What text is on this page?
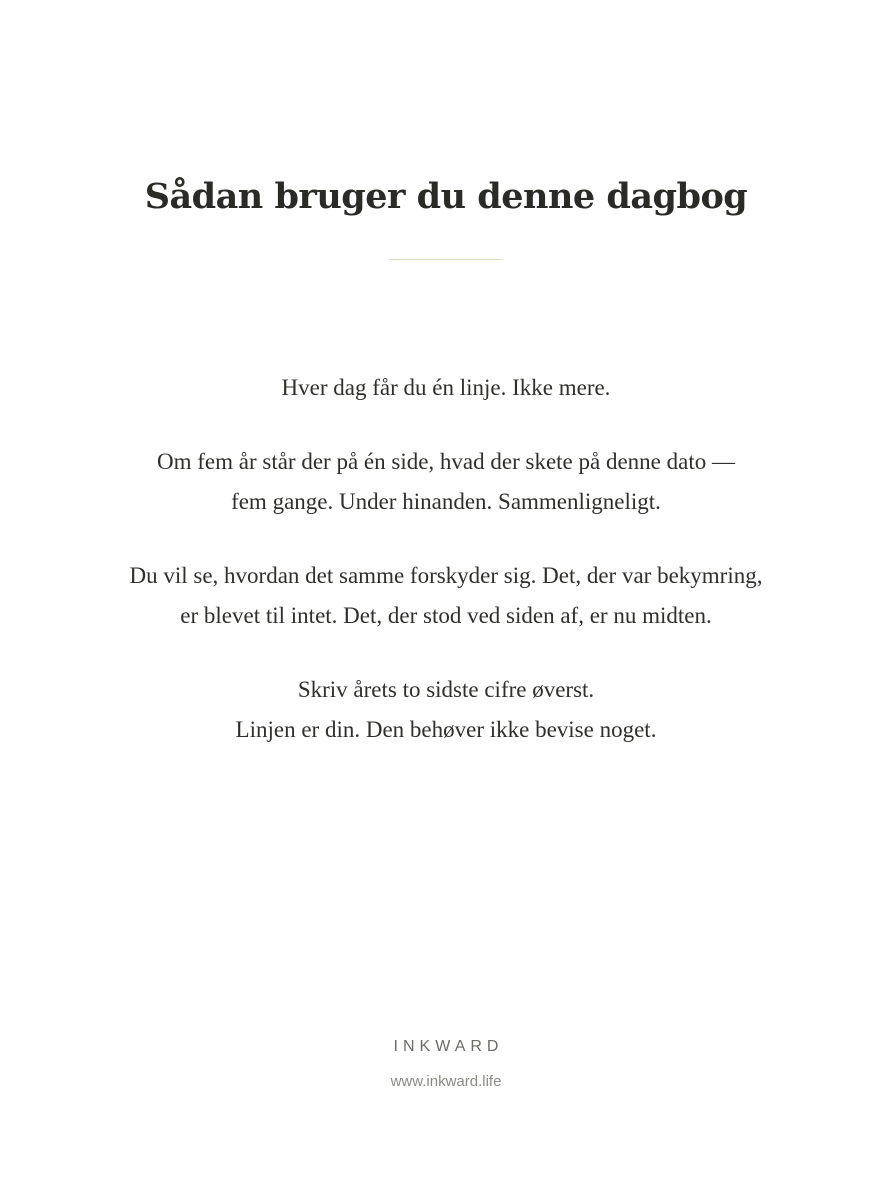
Sådan bruger du denne dagbog

Hver dag får du én linje. Ikke mere.

Om fem år står der på én side, hvad der skete på denne dato —
fem gange. Under hinanden. Sammenligneligt.

Du vil se, hvordan det samme forskyder sig. Det, der var bekymring,
er blevet til intet. Det, der stod ved siden af, er nu midten.

Skriv årets to sidste cifre øverst.
Linjen er din. Den behøver ikke bevise noget.

INKWARD
www.inkward.life
